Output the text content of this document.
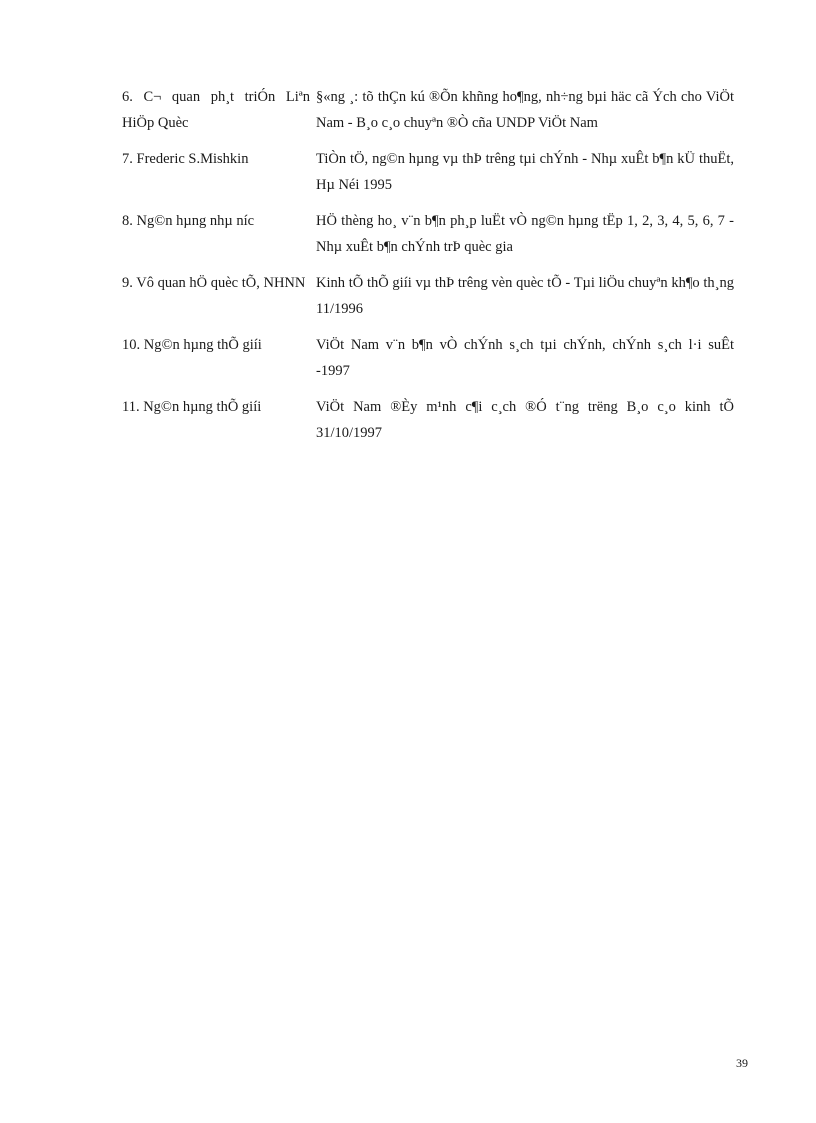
6. C¬ quan ph¸t triÓn Liªn HiÖp Quèc	§«ng ¸: tõ thÇn kú ®Õn khñng ho¶ng, nh÷ng bµi häc cã Ých cho ViÖt Nam - B¸o c¸o chuyªn ®Ò cña UNDP ViÖt Nam
7. Frederic S.Mishkin	TiÒn tÖ, ng©n hµng vµ thÞ trêng tµi chÝnh - Nhµ xuÊt b¶n kÜ thuËt, Hµ Néi 1995
8. Ng©n hµng nhµ níc	HÖ thèng ho¸ v¨n b¶n ph¸p luËt vÒ ng©n hµng tËp 1, 2, 3, 4, 5, 6, 7 - Nhµ xuÊt b¶n chÝnh trÞ quèc gia
9. Vô quan hÖ quèc tÕ, NHNN	Kinh tÕ thÕ giíi vµ thÞ trêng vèn quèc tÕ - Tµi liÖu chuyªn kh¶o th¸ng 11/1996
10. Ng©n hµng thÕ giíi	ViÖt Nam v¨n b¶n vÒ chÝnh s¸ch tµi chÝnh, chÝnh s¸ch l·i suÊt -1997
11. Ng©n hµng thÕ giíi	ViÖt Nam ®Èy m¹nh c¶i c¸ch ®Ó t¨ng trëng B¸o c¸o kinh tÕ 31/10/1997
39
